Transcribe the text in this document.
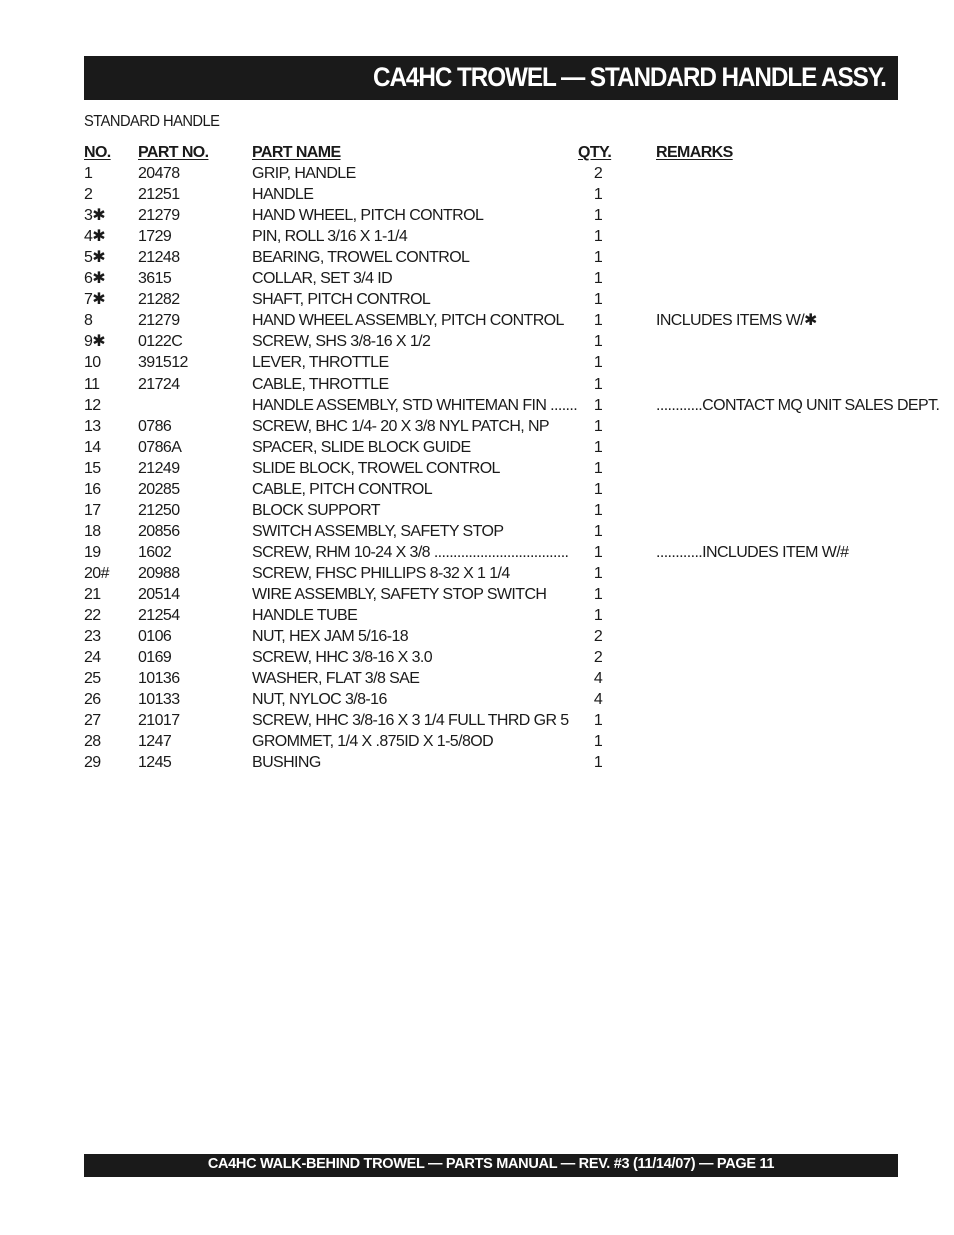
CA4HC TROWEL — STANDARD HANDLE ASSY.
STANDARD HANDLE
NO. PART NO.	PART NAME	QTY.	REMARKS
1	20478	GRIP, HANDLE	2
2	21251	HANDLE	1
3✱ 21279	HAND WHEEL, PITCH CONTROL	1
4✱ 1729	PIN, ROLL 3/16 X 1-1/4	1
5✱ 21248	BEARING, TROWEL CONTROL	1
6✱ 3615	COLLAR, SET 3/4 ID	1
7✱ 21282	SHAFT, PITCH CONTROL	1
8	21279	HAND WHEEL ASSEMBLY, PITCH CONTROL	1	INCLUDES ITEMS W/✱
9✱ 0122C	SCREW, SHS 3/8-16 X 1/2	1
10 391512	LEVER, THROTTLE	1
11 21724	CABLE, THROTTLE	1
12	HANDLE ASSEMBLY, STD WHITEMAN FIN .......	1	............CONTACT MQ UNIT SALES DEPT.
13 0786	SCREW, BHC 1/4- 20 X 3/8 NYL PATCH, NP	1
14 0786A	SPACER, SLIDE BLOCK GUIDE	1
15 21249	SLIDE BLOCK, TROWEL CONTROL	1
16 20285	CABLE, PITCH CONTROL	1
17 21250	BLOCK SUPPORT	1
18 20856	SWITCH ASSEMBLY, SAFETY STOP	1
19 1602	SCREW, RHM 10-24 X 3/8 ...................................	1	............INCLUDES ITEM W/#
20# 20988	SCREW, FHSC PHILLIPS 8-32 X 1 1/4	1
21 20514	WIRE ASSEMBLY, SAFETY STOP SWITCH	1
22 21254	HANDLE TUBE	1
23 0106	NUT, HEX JAM 5/16-18	2
24 0169	SCREW, HHC 3/8-16 X 3.0	2
25 10136	WASHER, FLAT 3/8 SAE	4
26 10133	NUT, NYLOC 3/8-16	4
27 21017	SCREW, HHC 3/8-16 X 3 1/4 FULL THRD GR 5	1
28 1247	GROMMET, 1/4 X .875ID X 1-5/8OD	1
29 1245	BUSHING	1
CA4HC WALK-BEHIND TROWEL — PARTS MANUAL — REV. #3 (11/14/07) — PAGE 11
